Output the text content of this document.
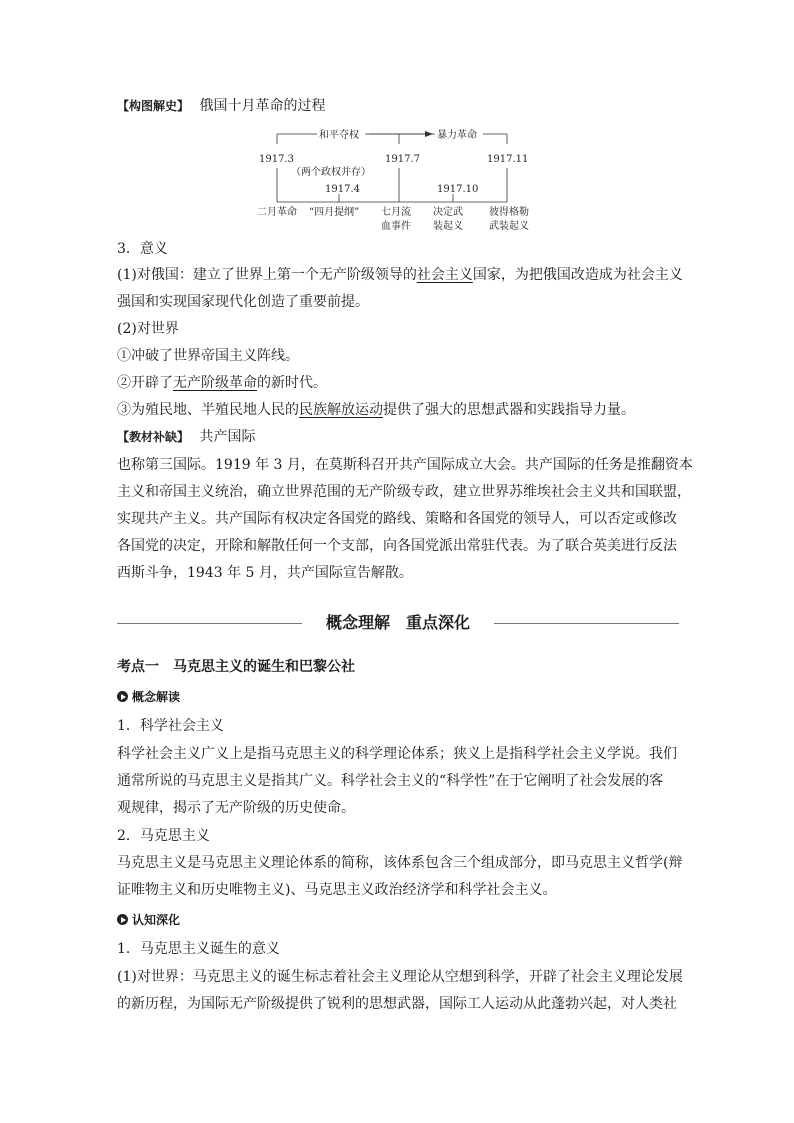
【构图解史】 俄国十月革命的过程
和平夺权	暴力革命
1917.3	1917.7	1917.11
（两个政权并存）
1917.4	1917.10
二月革命 “四月提纲” 七月流
血事件
决定武
装起义
彼得格勒
武装起义
3．意义
(1)对俄国：建立了世界上第一个无产阶级领导的社会主义国家，为把俄国改造成为社会主义
强国和实现国家现代化创造了重要前提。
(2)对世界
①冲破了世界帝国主义阵线。
②开辟了无产阶级革命的新时代。
③为殖民地、半殖民地人民的民族解放运动提供了强大的思想武器和实践指导力量。
【教材补缺】 共产国际
也称第三国际。1919 年 3 月，在莫斯科召开共产国际成立大会。共产国际的任务是推翻资本
主义和帝国主义统治，确立世界范围的无产阶级专政，建立世界苏维埃社会主义共和国联盟，
实现共产主义。共产国际有权决定各国党的路线、策略和各国党的领导人，可以否定或修改
各国党的决定，开除和解散任何一个支部，向各国党派出常驻代表。为了联合英美进行反法
西斯斗争，1943 年 5 月，共产国际宣告解散。
概念理解　重点深化
考点一　马克思主义的诞生和巴黎公社
概念解读
1．科学社会主义
科学社会主义广义上是指马克思主义的科学理论体系；狭义上是指科学社会主义学说。我们
通常所说的马克思主义是指其广义。科学社会主义的“科学性”在于它阐明了社会发展的客
观规律，揭示了无产阶级的历史使命。
2．马克思主义
马克思主义是马克思主义理论体系的简称，该体系包含三个组成部分，即马克思主义哲学(辩
证唯物主义和历史唯物主义)、马克思主义政治经济学和科学社会主义。
认知深化
1．马克思主义诞生的意义
(1)对世界：马克思主义的诞生标志着社会主义理论从空想到科学，开辟了社会主义理论发展
的新历程，为国际无产阶级提供了锐利的思想武器，国际工人运动从此蓬勃兴起，对人类社
